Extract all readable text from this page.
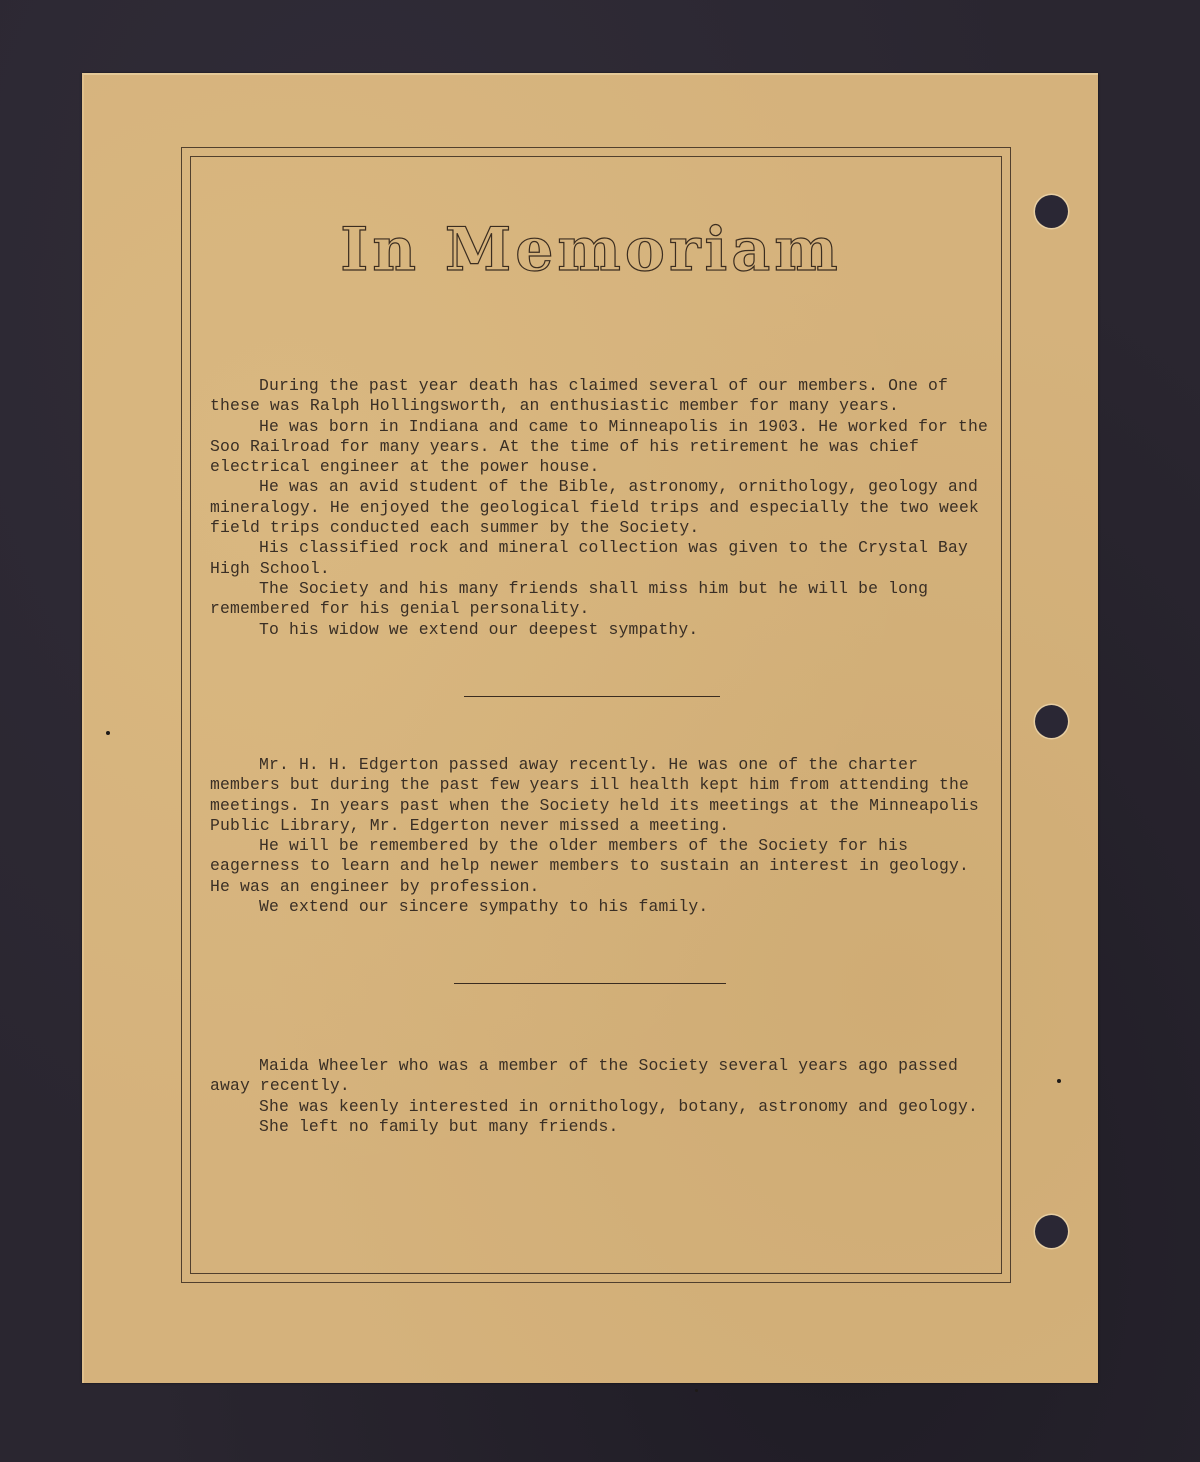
In Memoriam

During the past year death has claimed several of our members. One of these was Ralph Hollingsworth, an enthusiastic member for many years.

He was born in Indiana and came to Minneapolis in 1903. He worked for the Soo Railroad for many years. At the time of his retirement he was chief electrical engineer at the power house.

He was an avid student of the Bible, astronomy, ornithology, geology and mineralogy. He enjoyed the geological field trips and especially the two week field trips conducted each summer by the Society.

His classified rock and mineral collection was given to the Crystal Bay High School.

The Society and his many friends shall miss him but he will be long remembered for his genial personality.

To his widow we extend our deepest sympathy.

Mr. H. H. Edgerton passed away recently. He was one of the charter members but during the past few years ill health kept him from attending the meetings. In years past when the Society held its meetings at the Minneapolis Public Library, Mr. Edgerton never missed a meeting.

He will be remembered by the older members of the Society for his eagerness to learn and help newer members to sustain an interest in geology. He was an engineer by profession.

We extend our sincere sympathy to his family.

Maida Wheeler who was a member of the Society several years ago passed away recently.

She was keenly interested in ornithology, botany, astronomy and geology.

She left no family but many friends.
